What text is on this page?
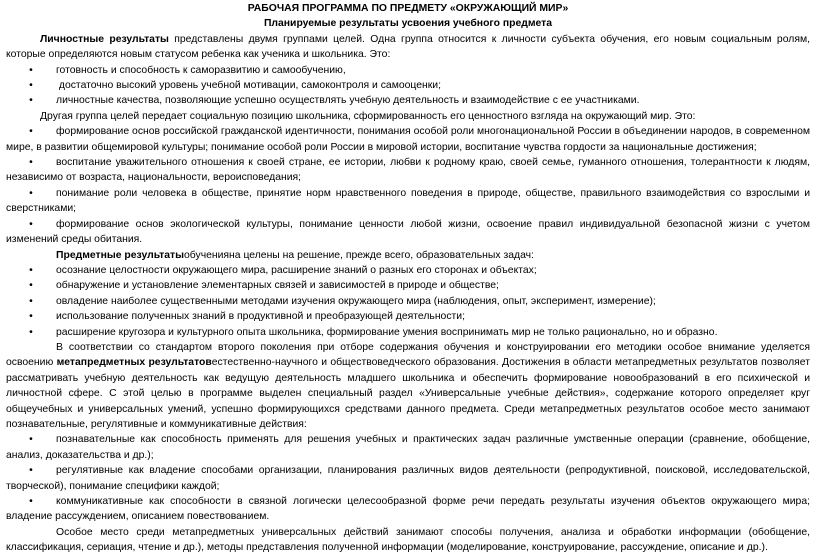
РАБОЧАЯ ПРОГРАММА ПО ПРЕДМЕТУ «ОКРУЖАЮЩИЙ МИР»

Планируемые результаты усвоения учебного предмета

Личностные результаты представлены двумя группами целей. Одна группа относится к личности субъекта обучения, его новым социальным ролям, которые определяются новым статусом ребенка как ученика и школьника. Это:

• готовность и способность к саморазвитию и самообучению,

• достаточно высокий уровень учебной мотивации, самоконтроля и самооценки;

• личностные качества, позволяющие успешно осуществлять учебную деятельность и взаимодействие с ее участниками.

Другая группа целей передает социальную позицию школьника, сформированность его ценностного взгляда на окружающий мир. Это:

• формирование основ российской гражданской идентичности, понимания особой роли многонациональной России в объединении народов, в современном мире, в развитии общемировой культуры; понимание особой роли России в мировой истории, воспитание чувства гордости за национальные достижения;

• воспитание уважительного отношения к своей стране, ее истории, любви к родному краю, своей семье, гуманного отношения, толерантности к людям, независимо от возраста, национальности, вероисповедания;

• понимание роли человека в обществе, принятие норм нравственного поведения в природе, обществе, правильного взаимодействия со взрослыми и сверстниками;

• формирование основ экологической культуры, понимание ценности любой жизни, освоение правил индивидуальной безопасной жизни с учетом изменений среды обитания.

Предметные результатыобученияна целены на решение, прежде всего, образовательных задач:

• осознание целостности окружающего мира, расширение знаний о разных его сторонах и объектах;

• обнаружение и установление элементарных связей и зависимостей в природе и обществе;

• овладение наиболее существенными методами изучения окружающего мира (наблюдения, опыт, эксперимент, измерение);

• использование полученных знаний в продуктивной и преобразующей деятельности;

• расширение кругозора и культурного опыта школьника, формирование умения воспринимать мир не только рационально, но и образно.

В соответствии со стандартом второго поколения при отборе содержания обучения и конструировании его методики особое внимание уделяется освоению метапредметных результатовестественно-научного и обществоведческого образования. Достижения в области метапредметных результатов позволяет рассматривать учебную деятельность как ведущую деятельность младшего школьника и обеспечить формирование новообразований в его психической и личностной сфере. С этой целью в программе выделен специальный раздел «Универсальные учебные действия», содержание которого определяет круг общеучебных и универсальных умений, успешно формирующихся средствами данного предмета. Среди метапредметных результатов особое место занимают познавательные, регулятивные и коммуникативные действия:

• познавательные как способность применять для решения учебных и практических задач различные умственные операции (сравнение, обобщение, анализ, доказательства и др.);

• регулятивные как владение способами организации, планирования различных видов деятельности (репродуктивной, поисковой, исследовательской, творческой), понимание специфики каждой;

• коммуникативные как способности в связной логически целесообразной форме речи передать результаты изучения объектов окружающего мира; владение рассуждением, описанием повествованием.

Особое место среди метапредметных универсальных действий занимают способы получения, анализа и обработки информации (обобщение, классификация, сериация, чтение и др.), методы представления полученной информации (моделирование, конструирование, рассуждение, описание и др.).
